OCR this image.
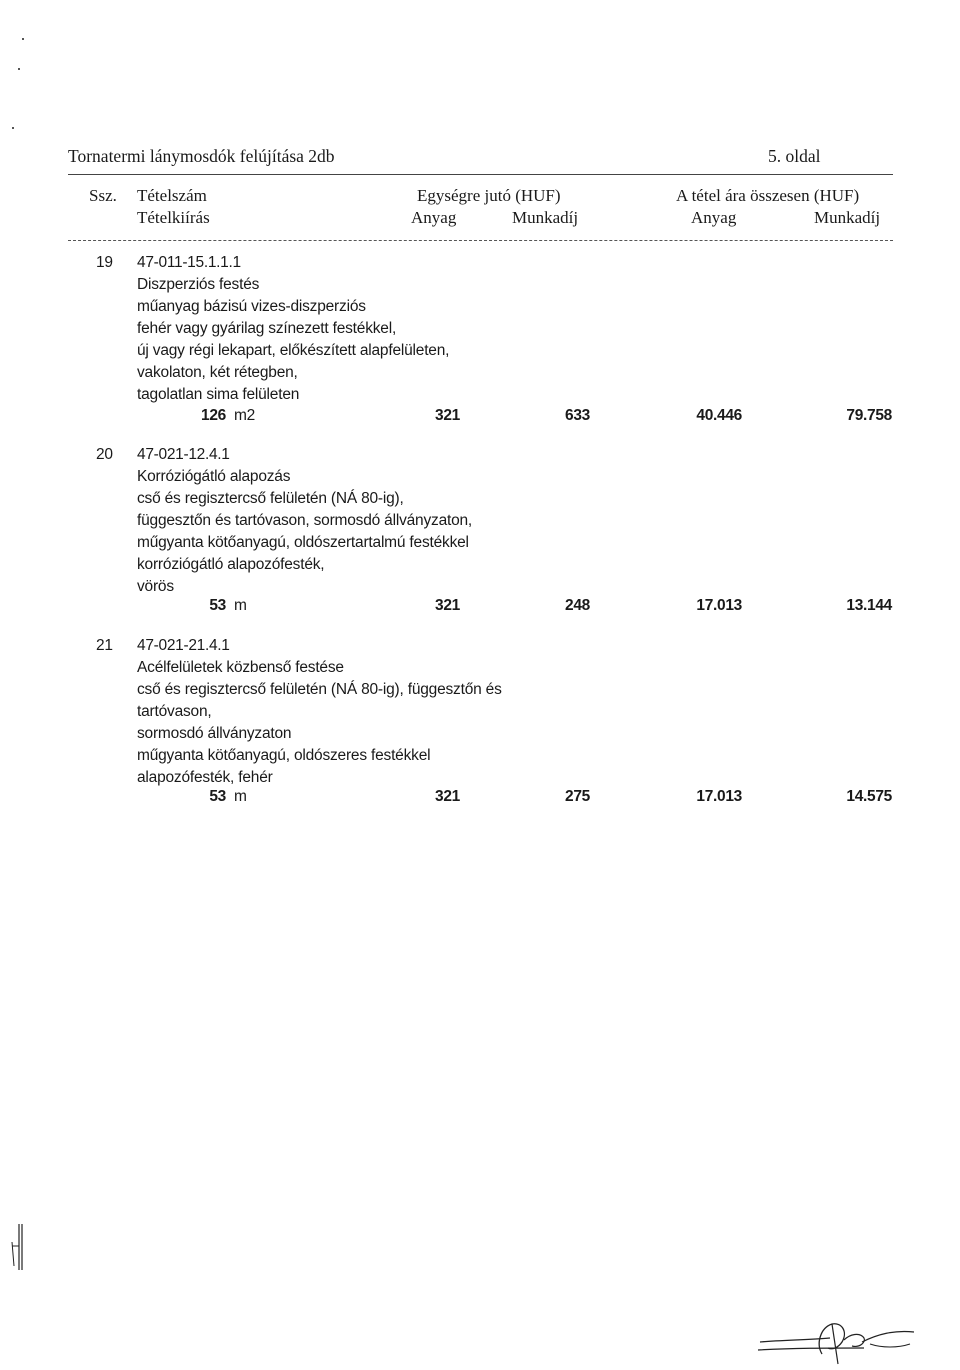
Tornatermi lánymosdók felújítása 2db	5. oldal
Ssz. Tételszám
Tételkiírás
Egységre jutó (HUF)	A tétel ára összesen (HUF)
Anyag	Munkadíj	Anyag	Munkadíj
19 47-011-15.1.1.1
Diszperziós festés
műanyag bázisú vizes-diszperziós
fehér vagy gyárilag színezett festékkel,
új vagy régi lekapart, előkészített alapfelületen,
vakolaton, két rétegben,
tagolatlan sima felületen
126 m2	321	633	40.446	79.758
20 47-021-12.4.1
Korróziógátló alapozás
cső és regisztercső felületén (NÁ 80-ig),
függesztőn és tartóvason, sormosdó állványzaton,
műgyanta kötőanyagú, oldószertartalmú festékkel
korróziógátló alapozófesték,
vörös
53 m	321	248	17.013	13.144
21 47-021-21.4.1
Acélfelületek közbenső festése
cső és regisztercső felületén (NÁ 80-ig), függesztőn és
tartóvason,
sormosdó állványzaton
műgyanta kötőanyagú, oldószeres festékkel
alapozófesték, fehér
53 m	321	275	17.013	14.575
